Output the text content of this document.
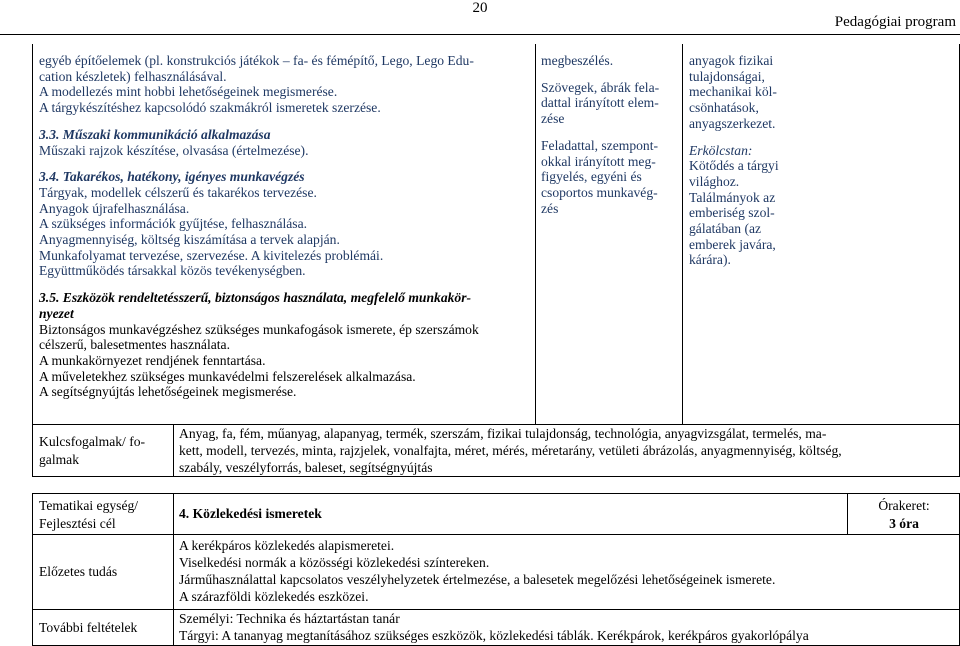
20
Pedagógiai program

egyéb építőelemek (pl. konstrukciós játékok – fa- és fémépítő, Lego, Lego Edu-

cation készletek) felhasználásával.

A modellezés mint hobbi lehetőségeinek megismerése.

A tárgykészítéshez kapcsolódó szakmákról ismeretek szerzése.

3.3. Műszaki kommunikáció alkalmazása

Műszaki rajzok készítése, olvasása (értelmezése).

3.4. Takarékos, hatékony, igényes munkavégzés

Tárgyak, modellek célszerű és takarékos tervezése.

Anyagok újrafelhasználása.

A szükséges információk gyűjtése, felhasználása.

Anyagmennyiség, költség kiszámítása a tervek alapján.

Munkafolyamat tervezése, szervezése. A kivitelezés problémái.

Együttműködés társakkal közös tevékenységben.

3.5. Eszközök rendeltetésszerű, biztonságos használata, megfelelő munkakör-

nyezet

Biztonságos munkavégzéshez szükséges munkafogások ismerete, ép szerszámok

célszerű, balesetmentes használata.

A munkakörnyezet rendjének fenntartása.

A műveletekhez szükséges munkavédelmi felszerelések alkalmazása.

A segítségnyújtás lehetőségeinek megismerése.

megbeszélés.

Szövegek, ábrák fela-

dattal irányított elem-

zése

Feladattal, szempont-

okkal irányított meg-

figyelés, egyéni és

csoportos munkavég-

zés

anyagok fizikai

tulajdonságai,

mechanikai köl-

csönhatások,

anyagszerkezet.

Erkölcstan:

Kötődés a tárgyi

világhoz.

Találmányok az

emberiség szol-

gálatában (az

emberek javára,

kárára).

Kulcsfogalmak/ fo-
galmak
Anyag, fa, fém, műanyag, alapanyag, termék, szerszám, fizikai tulajdonság, technológia, anyagvizsgálat, termelés, ma-
kett, modell, tervezés, minta, rajzjelek, vonalfajta, méret, mérés, méretarány, vetületi ábrázolás, anyagmennyiség, költség,
szabály, veszélyforrás, baleset, segítségnyújtás
Tematikai egység/
Fejlesztési cél
4. Közlekedési ismeretek
Órakeret:
3 óra
Előzetes tudás
A kerékpáros közlekedés alapismeretei.
Viselkedési normák a közösségi közlekedési színtereken.
Járműhasználattal kapcsolatos veszélyhelyzetek értelmezése, a balesetek megelőzési lehetőségeinek ismerete.
A szárazföldi közlekedés eszközei.
További feltételek
Személyi: Technika és háztartástan tanár
Tárgyi: A tananyag megtanításához szükséges eszközök, közlekedési táblák. Kerékpárok, kerékpáros gyakorlópálya
